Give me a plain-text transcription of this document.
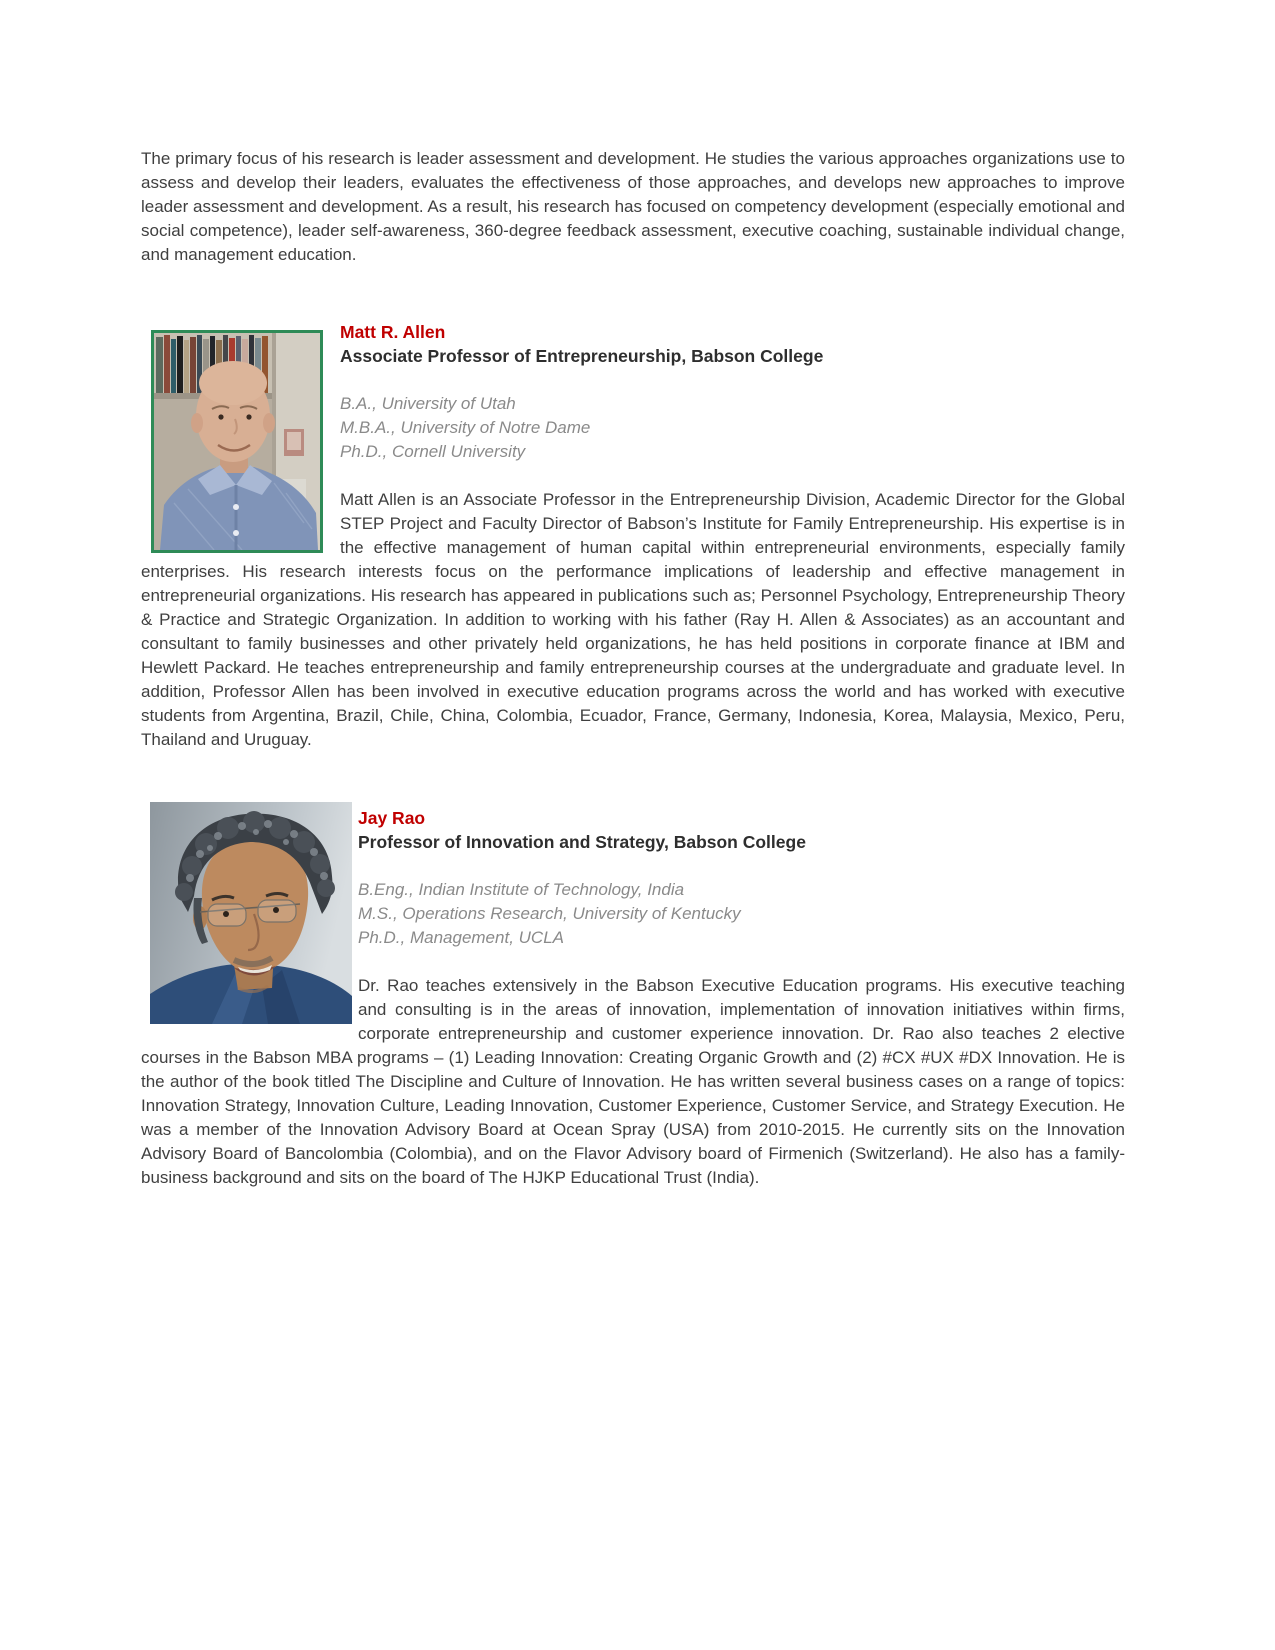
The primary focus of his research is leader assessment and development. He studies the various approaches organizations use to assess and develop their leaders, evaluates the effectiveness of those approaches, and develops new approaches to improve leader assessment and development. As a result, his research has focused on competency development (especially emotional and social competence), leader self-awareness, 360-degree feedback assessment, executive coaching, sustainable individual change, and management education.

Matt R. Allen
Associate Professor of Entrepreneurship, Babson College
B.A., University of Utah
M.B.A., University of Notre Dame
Ph.D., Cornell University

Matt Allen is an Associate Professor in the Entrepreneurship Division, Academic Director for the Global STEP Project and Faculty Director of Babson’s Institute for Family Entrepreneurship. His expertise is in the effective management of human capital within entrepreneurial environments, especially family enterprises. His research interests focus on the performance implications of leadership and effective management in entrepreneurial organizations. His research has appeared in publications such as; Personnel Psychology, Entrepreneurship Theory & Practice and Strategic Organization. In addition to working with his father (Ray H. Allen & Associates) as an accountant and consultant to family businesses and other privately held organizations, he has held positions in corporate finance at IBM and Hewlett Packard. He teaches entrepreneurship and family entrepreneurship courses at the undergraduate and graduate level. In addition, Professor Allen has been involved in executive education programs across the world and has worked with executive students from Argentina, Brazil, Chile, China, Colombia, Ecuador, France, Germany, Indonesia, Korea, Malaysia, Mexico, Peru, Thailand and Uruguay.

Jay Rao
Professor of Innovation and Strategy, Babson College
B.Eng., Indian Institute of Technology, India
M.S., Operations Research, University of Kentucky
Ph.D., Management, UCLA

Dr. Rao teaches extensively in the Babson Executive Education programs. His executive teaching and consulting is in the areas of innovation, implementation of innovation initiatives within firms, corporate entrepreneurship and customer experience innovation. Dr. Rao also teaches 2 elective courses in the Babson MBA programs – (1) Leading Innovation: Creating Organic Growth and (2) #CX #UX #DX Innovation. He is the author of the book titled The Discipline and Culture of Innovation. He has written several business cases on a range of topics: Innovation Strategy, Innovation Culture, Leading Innovation, Customer Experience, Customer Service, and Strategy Execution. He was a member of the Innovation Advisory Board at Ocean Spray (USA) from 2010-2015. He currently sits on the Innovation Advisory Board of Bancolombia (Colombia), and on the Flavor Advisory board of Firmenich (Switzerland). He also has a family-business background and sits on the board of The HJKP Educational Trust (India).
